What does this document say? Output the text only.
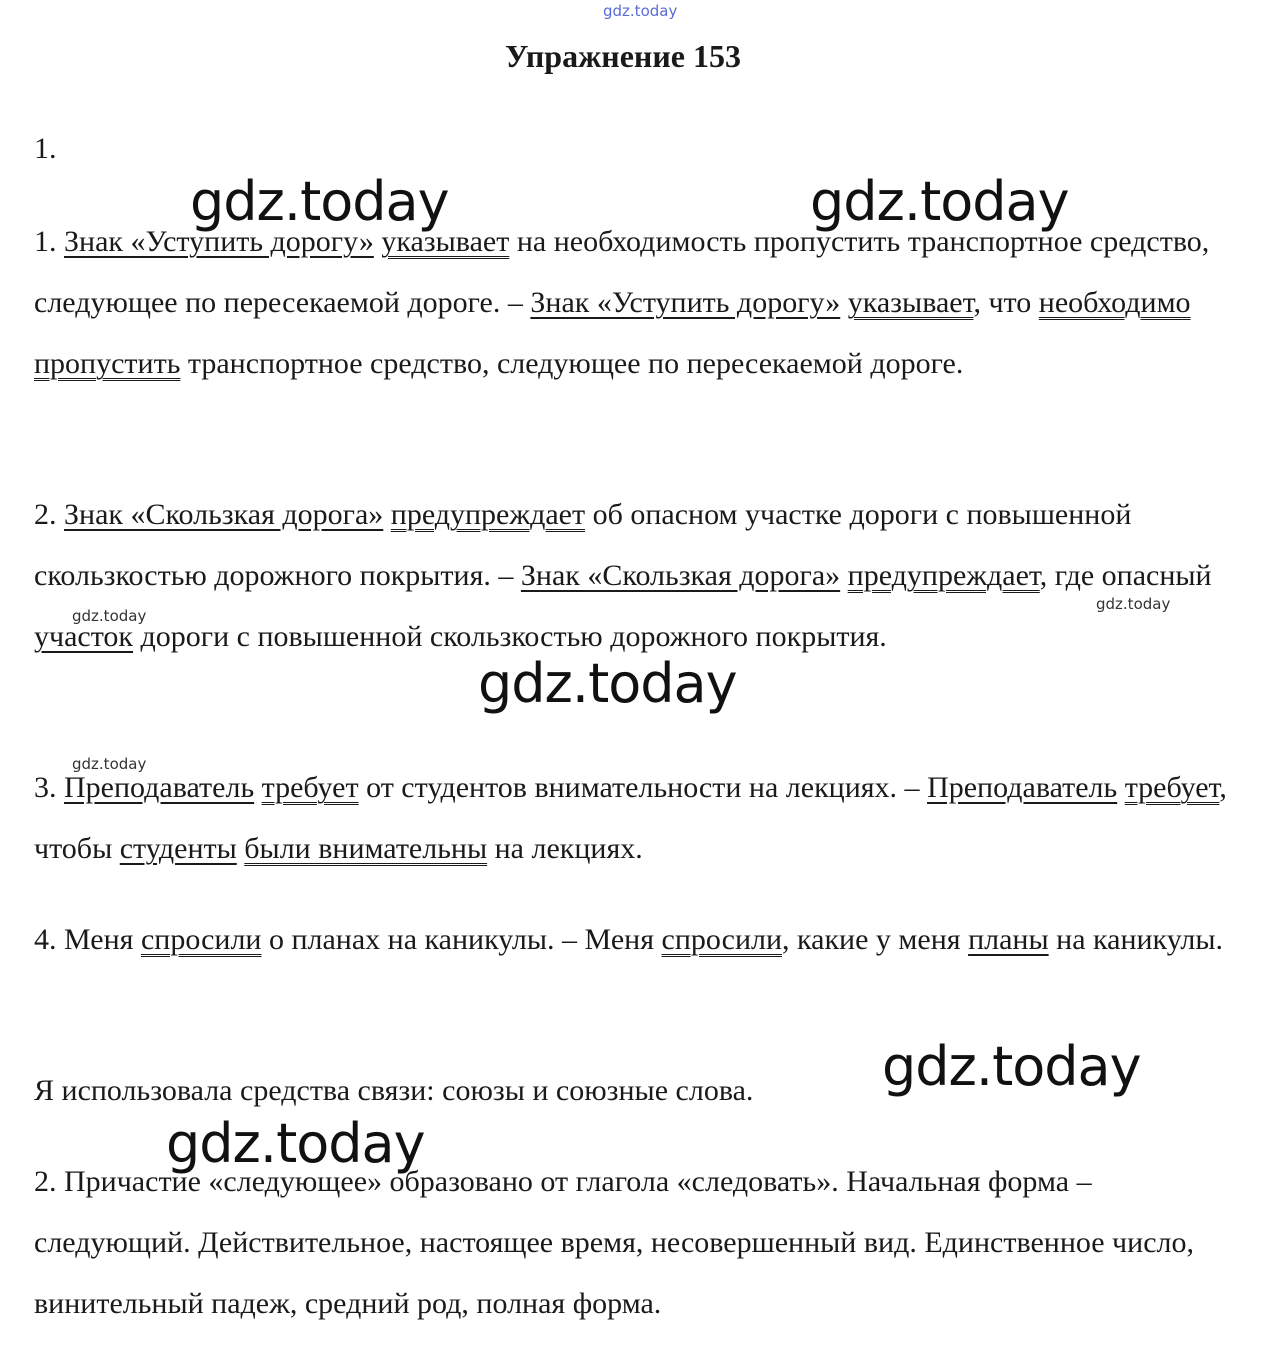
gdz.today
Упражнение 153
1.

1. Знак «Уступить дорогу» указывает на необходимость пропустить транспортное средство, следующее по пересекаемой дороге. – Знак «Уступить дорогу» указывает, что необходимо пропустить транспортное средство, следующее по пересекаемой дороге.

2. Знак «Скользкая дорога» предупреждает об опасном участке дороги с повышенной скользкостью дорожного покрытия. – Знак «Скользкая дорога» предупреждает, где опасный участок дороги с повышенной скользкостью дорожного покрытия.

3. Преподаватель требует от студентов внимательности на лекциях. – Преподаватель требует, чтобы студенты были внимательны на лекциях.

4. Меня спросили о планах на каникулы. – Меня спросили, какие у меня планы на каникулы.

Я использовала средства связи: союзы и союзные слова.

2. Причастие «следующее» образовано от глагола «следовать». Начальная форма – следующий. Действительное, настоящее время, несовершенный вид. Единственное число, винительный падеж, средний род, полная форма.

gdz.today	gdz.today
gdz.today
gdz.today
gdz.today
gdz.today
gdz.today
gdz.today
